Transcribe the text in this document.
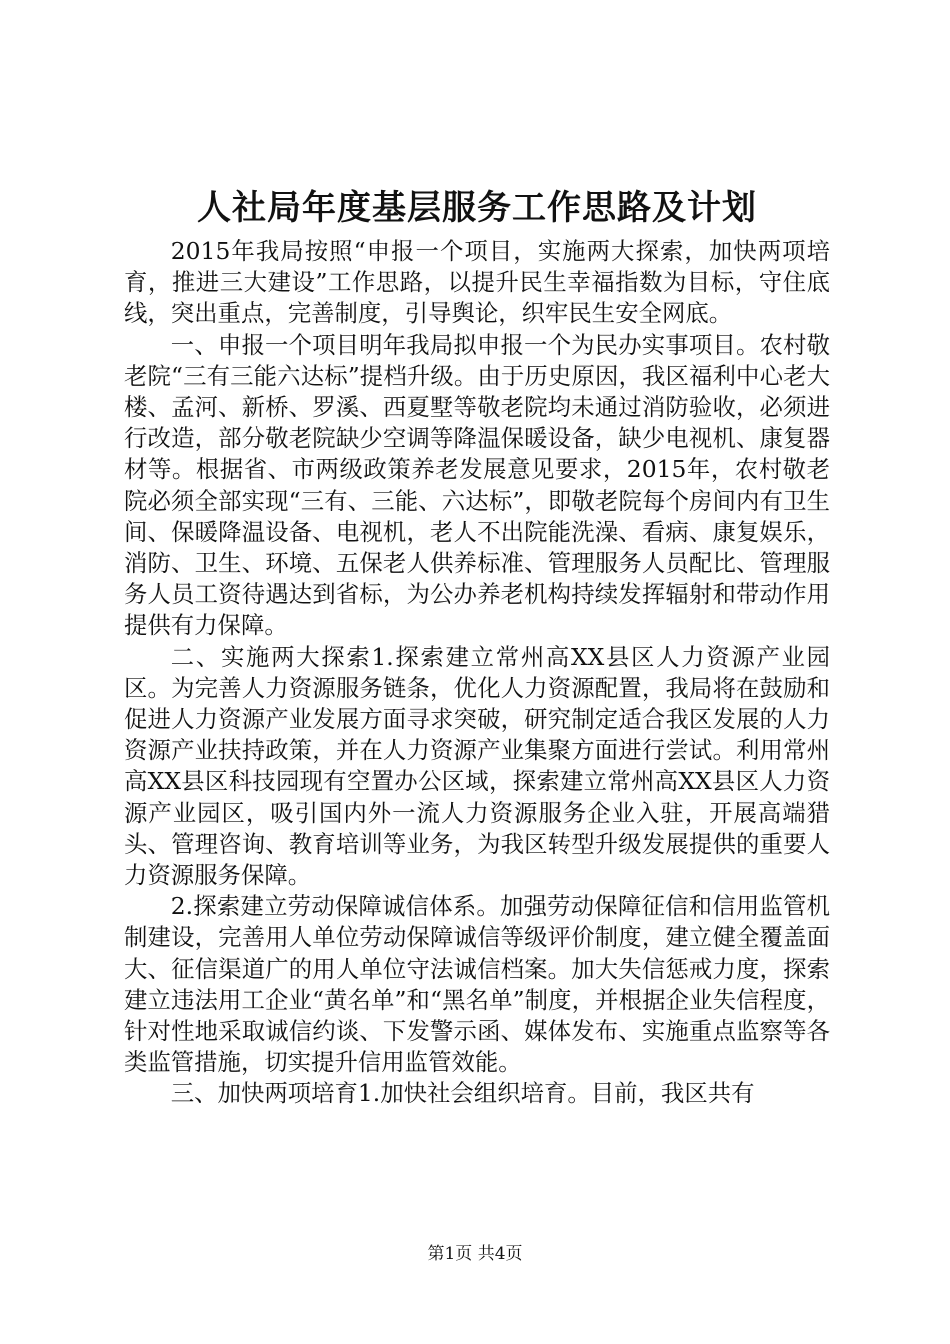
人社局年度基层服务工作思路及计划

2015年我局按照“申报一个项目，实施两大探索，加快两项培育，推进三大建设”工作思路，以提升民生幸福指数为目标，守住底线，突出重点，完善制度，引导舆论，织牢民生安全网底。

一、申报一个项目明年我局拟申报一个为民办实事项目。农村敬老院“三有三能六达标”提档升级。由于历史原因，我区福利中心老大楼、孟河、新桥、罗溪、西夏墅等敬老院均未通过消防验收，必须进行改造，部分敬老院缺少空调等降温保暖设备，缺少电视机、康复器材等。根据省、市两级政策养老发展意见要求，2015年，农村敬老院必须全部实现“三有、三能、六达标”，即敬老院每个房间内有卫生间、保暖降温设备、电视机，老人不出院能洗澡、看病、康复娱乐，消防、卫生、环境、五保老人供养标准、管理服务人员配比、管理服务人员工资待遇达到省标，为公办养老机构持续发挥辐射和带动作用提供有力保障。

二、实施两大探索1.探索建立常州高XX县区人力资源产业园区。为完善人力资源服务链条，优化人力资源配置，我局将在鼓励和促进人力资源产业发展方面寻求突破，研究制定适合我区发展的人力资源产业扶持政策，并在人力资源产业集聚方面进行尝试。利用常州高XX县区科技园现有空置办公区域，探索建立常州高XX县区人力资源产业园区，吸引国内外一流人力资源服务企业入驻，开展高端猎头、管理咨询、教育培训等业务，为我区转型升级发展提供的重要人力资源服务保障。

2.探索建立劳动保障诚信体系。加强劳动保障征信和信用监管机制建设，完善用人单位劳动保障诚信等级评价制度，建立健全覆盖面大、征信渠道广的用人单位守法诚信档案。加大失信惩戒力度，探索建立违法用工企业“黄名单”和“黑名单”制度，并根据企业失信程度，针对性地采取诚信约谈、下发警示函、媒体发布、实施重点监察等各类监管措施，切实提升信用监管效能。

三、加快两项培育1.加快社会组织培育。目前，我区共有

第1页 共4页
